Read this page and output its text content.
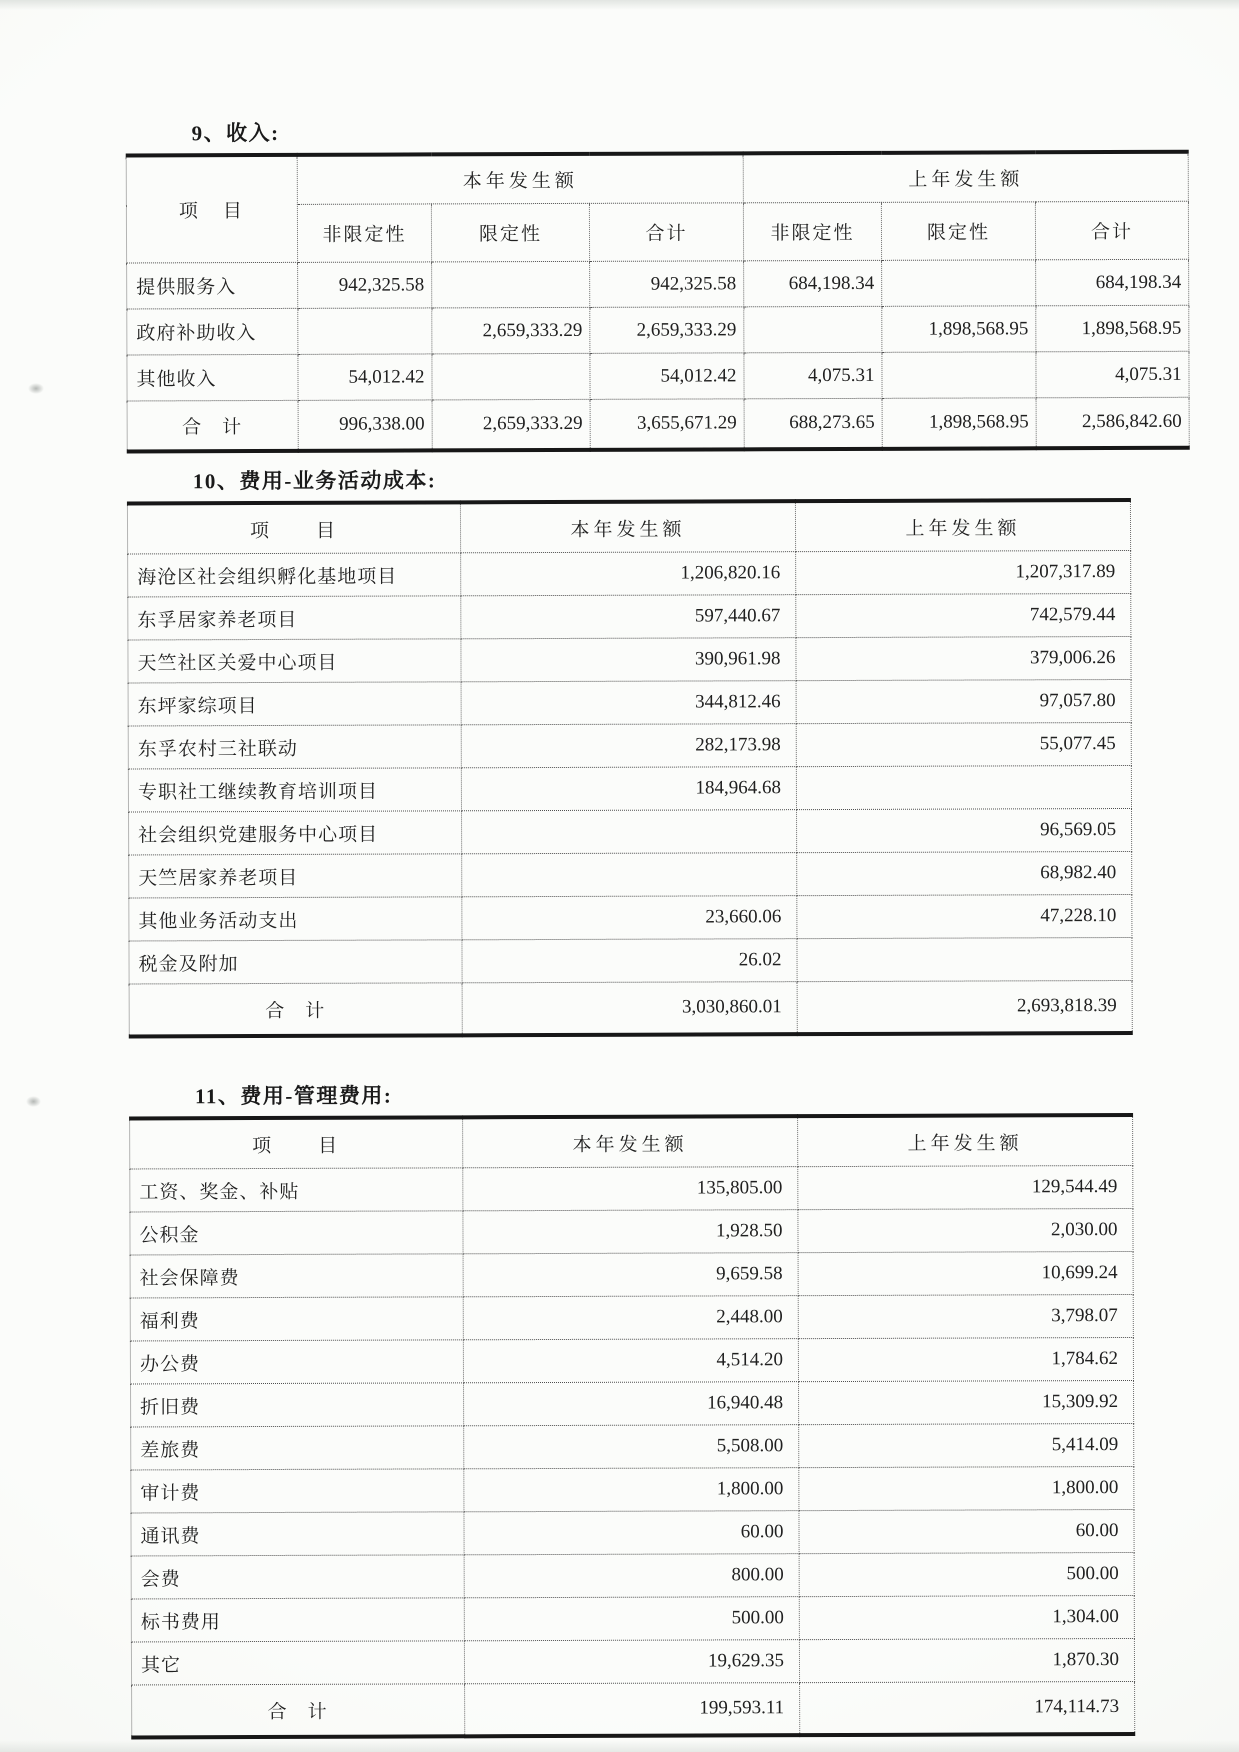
9、收入:
项　目	本年发生额			上年发生额		
	非限定性	限定性	合计	非限定性	限定性	合计
提供服务入	942,325.58		942,325.58	684,198.34		684,198.34
政府补助收入		2,659,333.29	2,659,333.29		1,898,568.95	1,898,568.95
其他收入	54,012.42		54,012.42	4,075.31		4,075.31
合　计	996,338.00	2,659,333.29	3,655,671.29	688,273.65	1,898,568.95	2,586,842.60
10、费用-业务活动成本:
项　　目	本年发生额	上年发生额
海沧区社会组织孵化基地项目	1,206,820.16	1,207,317.89
东孚居家养老项目	597,440.67	742,579.44
天竺社区关爱中心项目	390,961.98	379,006.26
东坪家综项目	344,812.46	97,057.80
东孚农村三社联动	282,173.98	55,077.45
专职社工继续教育培训项目	184,964.68	
社会组织党建服务中心项目		96,569.05
天竺居家养老项目		68,982.40
其他业务活动支出	23,660.06	47,228.10
税金及附加	26.02	
合　计	3,030,860.01	2,693,818.39
11、费用-管理费用:
项　　目	本年发生额	上年发生额
工资、奖金、补贴	135,805.00	129,544.49
公积金	1,928.50	2,030.00
社会保障费	9,659.58	10,699.24
福利费	2,448.00	3,798.07
办公费	4,514.20	1,784.62
折旧费	16,940.48	15,309.92
差旅费	5,508.00	5,414.09
审计费	1,800.00	1,800.00
通讯费	60.00	60.00
会费	800.00	500.00
标书费用	500.00	1,304.00
其它	19,629.35	1,870.30
合　计	199,593.11	174,114.73
